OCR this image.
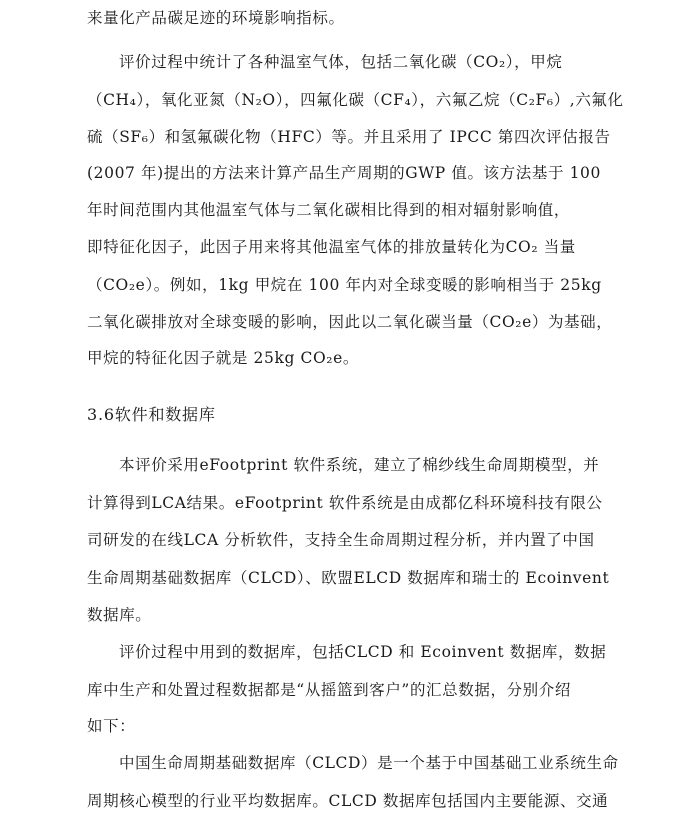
来量化产品碳足迹的环境影响指标。
评价过程中统计了各种温室气体，包括二氧化碳（CO₂），甲烷
（CH₄），氧化亚氮（N₂O），四氟化碳（CF₄），六氟乙烷（C₂F₆）,六氟化
硫（SF₆）和氢氟碳化物（HFC）等。并且采用了 IPCC 第四次评估报告
(2007 年)提出的方法来计算产品生产周期的GWP 值。该方法基于 100
年时间范围内其他温室气体与二氧化碳相比得到的相对辐射影响值，
即特征化因子，此因子用来将其他温室气体的排放量转化为CO₂ 当量
（CO₂e）。例如，1kg 甲烷在 100 年内对全球变暖的影响相当于 25kg
二氧化碳排放对全球变暖的影响，因此以二氧化碳当量（CO₂e）为基础，
甲烷的特征化因子就是 25kg CO₂e。
3.6软件和数据库
本评价采用eFootprint 软件系统，建立了棉纱线生命周期模型，并
计算得到LCA结果。eFootprint 软件系统是由成都亿科环境科技有限公
司研发的在线LCA 分析软件，支持全生命周期过程分析，并内置了中国
生命周期基础数据库（CLCD）、欧盟ELCD 数据库和瑞士的 Ecoinvent
数据库。
评价过程中用到的数据库，包括CLCD 和 Ecoinvent 数据库，数据
库中生产和处置过程数据都是“从摇篮到客户”的汇总数据，分别介绍
如下：
中国生命周期基础数据库（CLCD）是一个基于中国基础工业系统生命
周期核心模型的行业平均数据库。CLCD 数据库包括国内主要能源、交通
